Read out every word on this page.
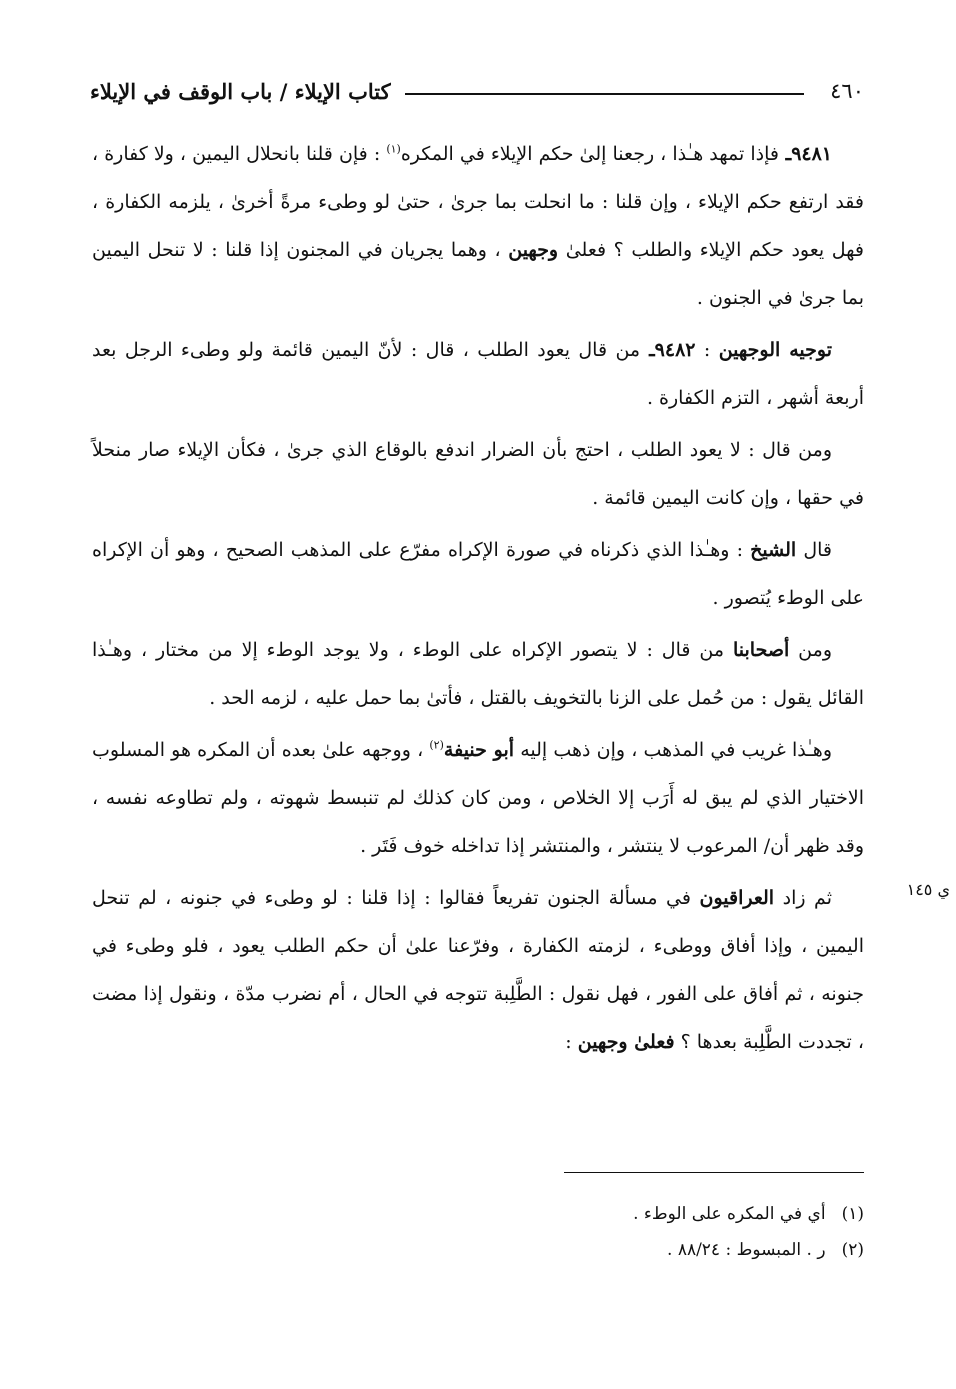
٤٦٠
كتاب الإيلاء / باب الوقف في الإيلاء

٩٤٨١ـ فإذا تمهد هـٰذا ، رجعنا إلىٰ حكم الإيلاء في المكره$^{(١)}$ : فإن قلنا بانحلال اليمين ، ولا كفارة ، فقد ارتفع حكم الإيلاء ، وإن قلنا : ما انحلت بما جرىٰ ، حتىٰ لو وطىء مرةً أخرىٰ ، يلزمه الكفارة ، فهل يعود حكم الإيلاء والطلب ؟ فعلىٰ وجهين ، وهما يجريان في المجنون إذا قلنا : لا تنحل اليمين بما جرىٰ في الجنون .

توجيه الوجهين : ٩٤٨٢ـ من قال يعود الطلب ، قال : لأنّ اليمين قائمة ولو وطىء الرجل بعد أربعة أشهر ، التزم الكفارة .

ومن قال : لا يعود الطلب ، احتج بأن الضرار اندفع بالوقاع الذي جرىٰ ، فكأن الإيلاء صار منحلاً في حقها ، وإن كانت اليمين قائمة .

قال الشيخ : وهـٰذا الذي ذكرناه في صورة الإكراه مفرّع على المذهب الصحيح ، وهو أن الإكراه على الوطء يُتصور .

ومن أصحابنا من قال : لا يتصور الإكراه على الوطء ، ولا يوجد الوطء إلا من مختار ، وهـٰذا القائل يقول : من حُمل على الزنا بالتخويف بالقتل ، فأتىٰ بما حمل عليه ، لزمه الحد .

وهـٰذا غريب في المذهب ، وإن ذهب إليه أبو حنيفة$^{(٢)}$ ، ووجهه علىٰ بعده أن المكره هو المسلوب الاختيار الذي لم يبق له أَرَب إلا الخلاص ، ومن كان كذلك لم تنبسط شهوته ، ولم تطاوعه نفسه ، وقد ظهر أن/ المرعوب لا ينتشر ، والمنتشر إذا تداخله خوف فَتَر .

ثم زاد العراقيون في مسألة الجنون تفريعاً فقالوا : إذا قلنا : لو وطىء في جنونه ، لم تنحل اليمين ، وإذا أفاق ووطىء ، لزمته الكفارة ، وفرّعنا علىٰ أن حكم الطلب يعود ، فلو وطىء في جنونه ، ثم أفاق على الفور ، فهل نقول : الطَّلِبة تتوجه في الحال ، أم نضرب مدّة ، ونقول إذا مضت ، تجددت الطَّلِبة بعدها ؟ فعلىٰ وجهين :

ي ١٤٥
(١)أي في المكره على الوطء .
(٢)ر . المبسوط : ٨٨/٢٤ .
